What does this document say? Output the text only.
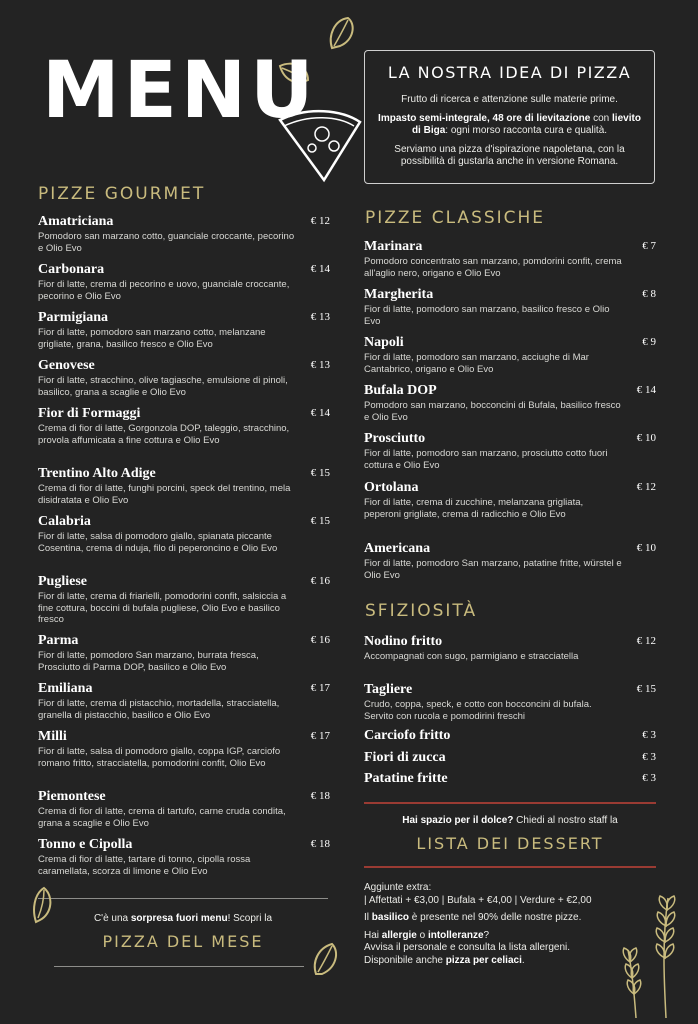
MENU	LA NOSTRA IDEA DI PIZZA

Frutto di ricerca e attenzione sulle materie prime.

Impasto semi-integrale, 48 ore di lievitazione con lievito di Biga: ogni morso racconta cura e qualità.

Serviamo una pizza d'ispirazione napoletana, con la possibilità di gustarla anche in versione Romana.

PIZZE GOURMET
Amatriciana	€ 12
Pomodoro san marzano cotto, guanciale croccante, pecorino e Olio Evo
Carbonara	€ 14
Fior di latte, crema di pecorino e uovo, guanciale croccante, pecorino e Olio Evo
Parmigiana	€ 13
Fior di latte, pomodoro san marzano cotto, melanzane grigliate, grana, basilico fresco e Olio Evo
Genovese	€ 13
Fior di latte, stracchino, olive tagiasche, emulsione di pinoli, basilico, grana a scaglie e Olio Evo
Fior di Formaggi	€ 14
Crema di fior di latte, Gorgonzola DOP, taleggio, stracchino, provola affumicata a fine cottura e Olio Evo
Trentino Alto Adige	€ 15
Crema di fior di latte, funghi porcini, speck del trentino, mela disidratata e Olio Evo
Calabria	€ 15
Fior di latte, salsa di pomodoro giallo, spianata piccante Cosentina, crema di nduja, filo di peperoncino e Olio Evo
Pugliese	€ 16
Fior di latte, crema di friarielli, pomodorini confit, salsiccia a fine cottura, boccini di bufala pugliese, Olio Evo e basilico fresco
Parma	€ 16
Fior di latte, pomodoro San marzano, burrata fresca, Prosciutto di Parma DOP, basilico e Olio Evo
Emiliana	€ 17
Fior di latte, crema di pistacchio, mortadella, stracciatella, granella di pistacchio, basilico e Olio Evo
Milli	€ 17
Fior di latte, salsa di pomodoro giallo, coppa IGP, carciofo romano fritto, stracciatella, pomodorini confit, Olio Evo
Piemontese	€ 18
Crema di fior di latte, crema di tartufo, carne cruda condita, grana a scaglie e Olio Evo
Tonno e Cipolla	€ 18
Crema di fior di latte, tartare di tonno, cipolla rossa caramellata, scorza di limone e Olio Evo
PIZZE CLASSICHE
Marinara	€ 7
Pomodoro concentrato san marzano, pomdorini confit, crema all'aglio nero, origano e Olio Evo
Margherita	€ 8
Fior di latte, pomodoro san marzano, basilico fresco e Olio Evo
Napoli	€ 9
Fior di latte, pomodoro san marzano, acciughe di Mar Cantabrico, origano e Olio Evo
Bufala DOP	€ 14
Pomodoro san marzano, bocconcini di Bufala, basilico fresco e Olio Evo
Prosciutto	€ 10
Fior di latte, pomodoro san marzano, prosciutto cotto fuori cottura e Olio Evo
Ortolana	€ 12
Fior di latte, crema di zucchine, melanzana grigliata, peperoni grigliate, crema di radicchio e Olio Evo
Americana	€ 10
Fior di latte, pomodoro San marzano, patatine fritte, würstel e Olio Evo
SFIZIOSITÀ
Nodino fritto	€ 12
Accompagnati con sugo, parmigiano e stracciatella
Tagliere	€ 15
Crudo, coppa, speck, e cotto con bocconcini di bufala. Servito con rucola e pomodirini freschi
Carciofo fritto	€ 3
Fiori di zucca	€ 3
Patatine fritte	€ 3
Hai spazio per il dolce? Chiedi al nostro staff la
LISTA DEI DESSERT
Aggiunte extra:
| Affettati + €3,00 | Bufala + €4,00 | Verdure + €2,00
Il basilico è presente nel 90% delle nostre pizze.
Hai allergie o intolleranze?
Avvisa il personale e consulta la lista allergeni.
Disponibile anche pizza per celiaci.
C'è una sorpresa fuori menu! Scopri la
PIZZA DEL MESE
